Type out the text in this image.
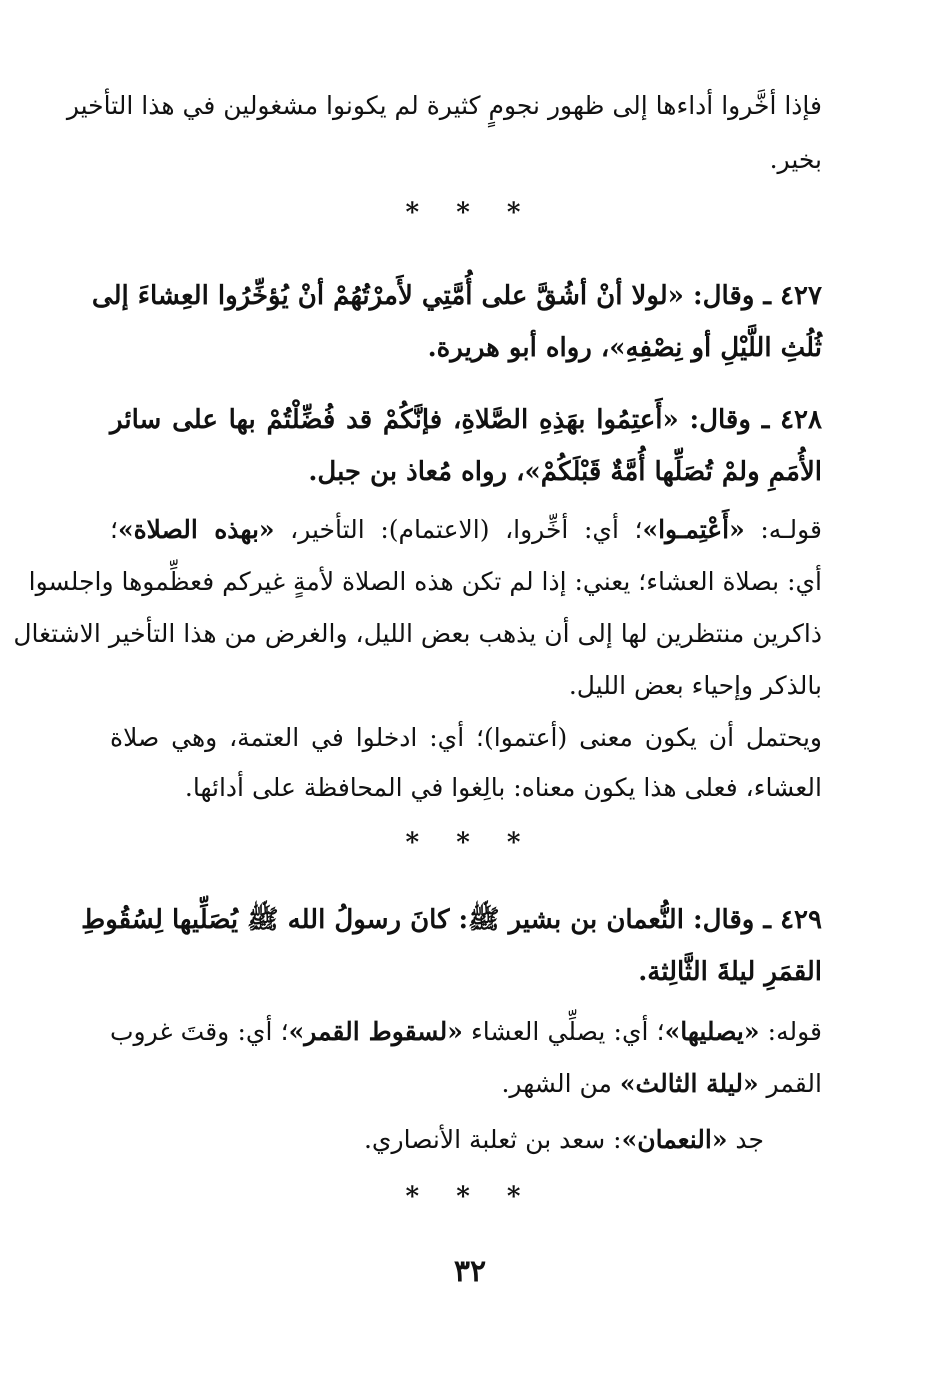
فإذا أخَّروا أداءها إلى ظهور نجومٍ كثيرة لم يكونوا مشغولين في هذا التأخير
بخير.
* * *
٤٢٧ ـ وقال: «لولا أنْ أشُقَّ على أُمَّتِي لأَمرْتُهُمْ أنْ يُؤخِّرُوا العِشاءَ إلى
ثُلُثِ اللَّيْلِ أو نِصْفِهِ»، رواه أبو هريرة.
٤٢٨ ـ وقال: «أَعتِمُوا بهَذِهِ الصَّلاةِ، فإنَّكُمْ قد فُضِّلْتُمْ بها على سائر
الأُمَمِ ولمْ تُصَلِّها أُمَّةٌ قَبْلَكُمْ»، رواه مُعاذ بن جبل.
قولـه: «أَعْتِمـوا»؛ أي: أخِّروا، (الاعتمام): التأخير، «بهذه الصلاة»؛
أي: بصلاة العشاء؛ يعني: إذا لم تكن هذه الصلاة لأمةٍ غيركم فعظِّموها واجلسوا
ذاكرين منتظرين لها إلى أن يذهب بعض الليل، والغرض من هذا التأخير الاشتغال
بالذكر وإحياء بعض الليل.
ويحتمل أن يكون معنى (أعتموا)؛ أي: ادخلوا في العتمة، وهي صلاة
العشاء، فعلى هذا يكون معناه: بالِغوا في المحافظة على أدائها.
* * *
٤٢٩ ـ وقال: النُّعمان بن بشير ﷺ: كانَ رسولُ الله ﷺ يُصَلِّيها لِسُقُوطِ
القمَرِ ليلةَ الثَّالِثة.
قوله: «يصليها»؛ أي: يصلِّي العشاء «لسقوط القمر»؛ أي: وقتَ غروب
القمر «ليلة الثالث» من الشهر.
جد «النعمان»: سعد بن ثعلبة الأنصاري.
* * *
٣٢
